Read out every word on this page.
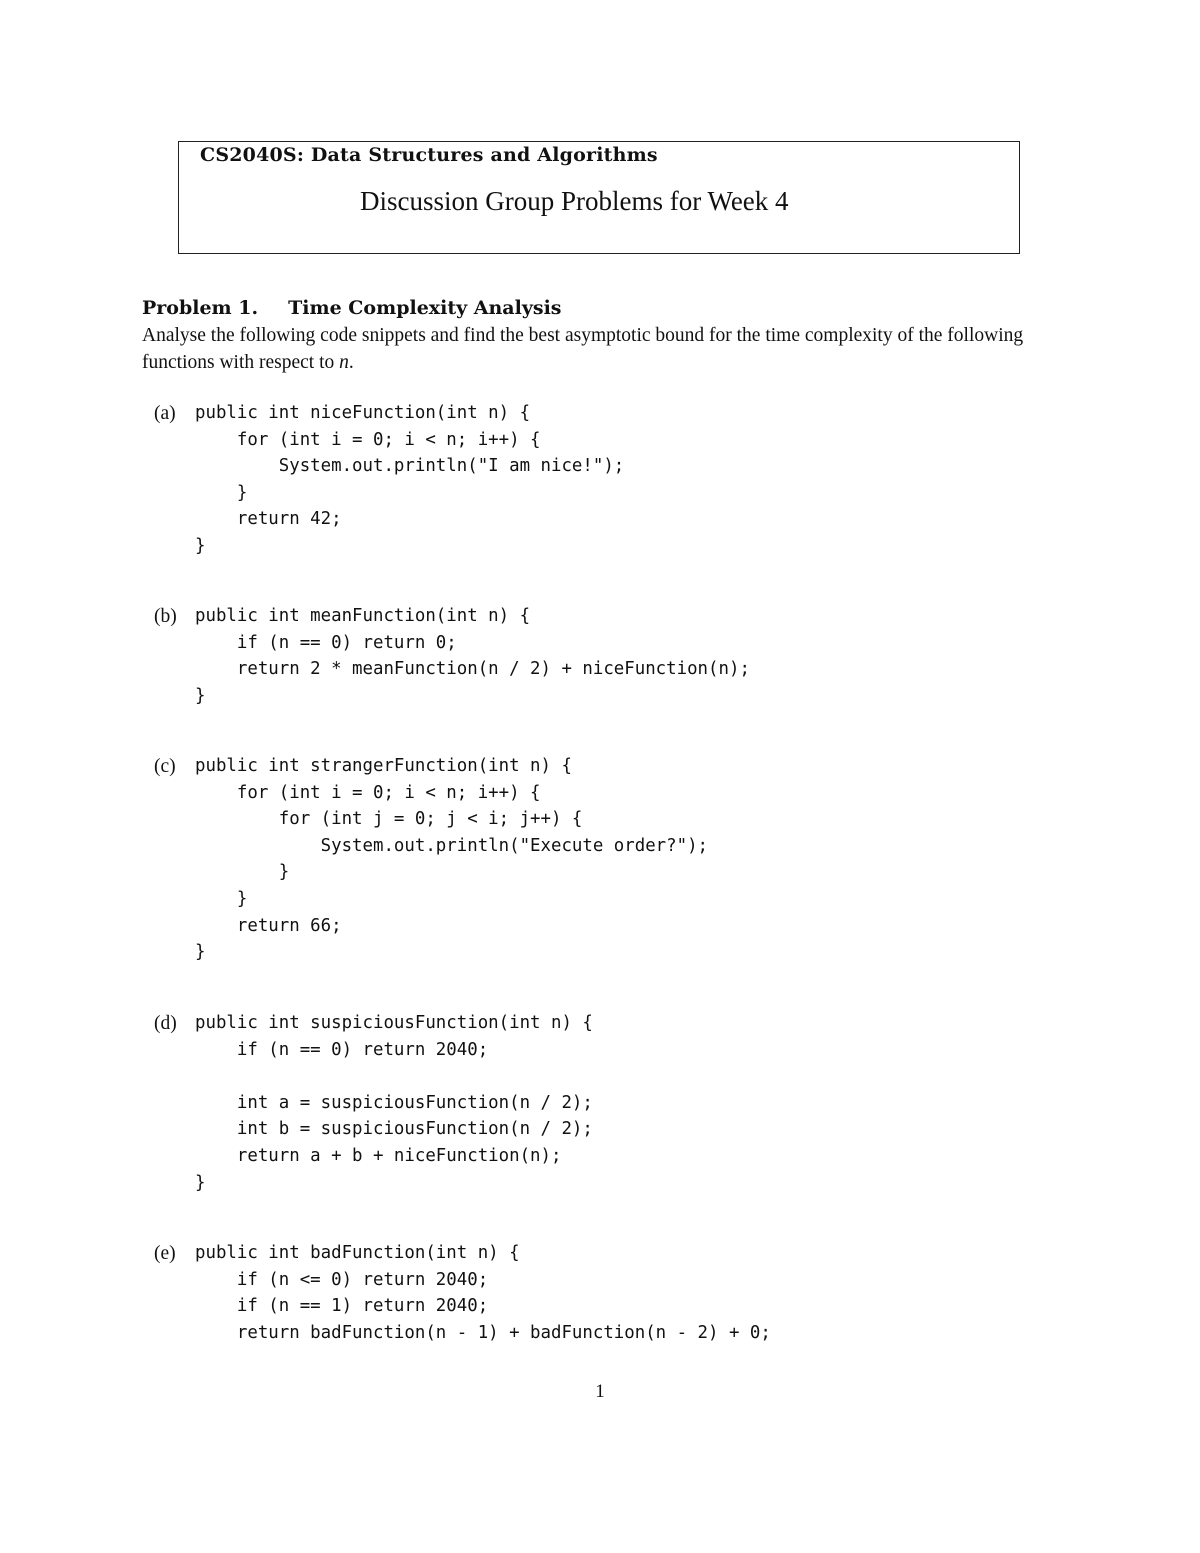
CS2040S: Data Structures and Algorithms
Discussion Group Problems for Week 4
Problem 1. Time Complexity Analysis

Analyse the following code snippets and find the best asymptotic bound for the time complexity of the following functions with respect to n.

(a) public int niceFunction(int n) {
for (int i = 0; i < n; i++) {
System.out.println("I am nice!");
}
return 42;
}
(b) public int meanFunction(int n) {
if (n == 0) return 0;
return 2 * meanFunction(n / 2) + niceFunction(n);
}
(c) public int strangerFunction(int n) {
for (int i = 0; i < n; i++) {
for (int j = 0; j < i; j++) {
System.out.println("Execute order?");
}
}
return 66;
}
(d) public int suspiciousFunction(int n) {
if (n == 0) return 2040;
int a = suspiciousFunction(n / 2);
int b = suspiciousFunction(n / 2);
return a + b + niceFunction(n);
}
(e) public int badFunction(int n) {
if (n <= 0) return 2040;
if (n == 1) return 2040;
return badFunction(n - 1) + badFunction(n - 2) + 0;
1
